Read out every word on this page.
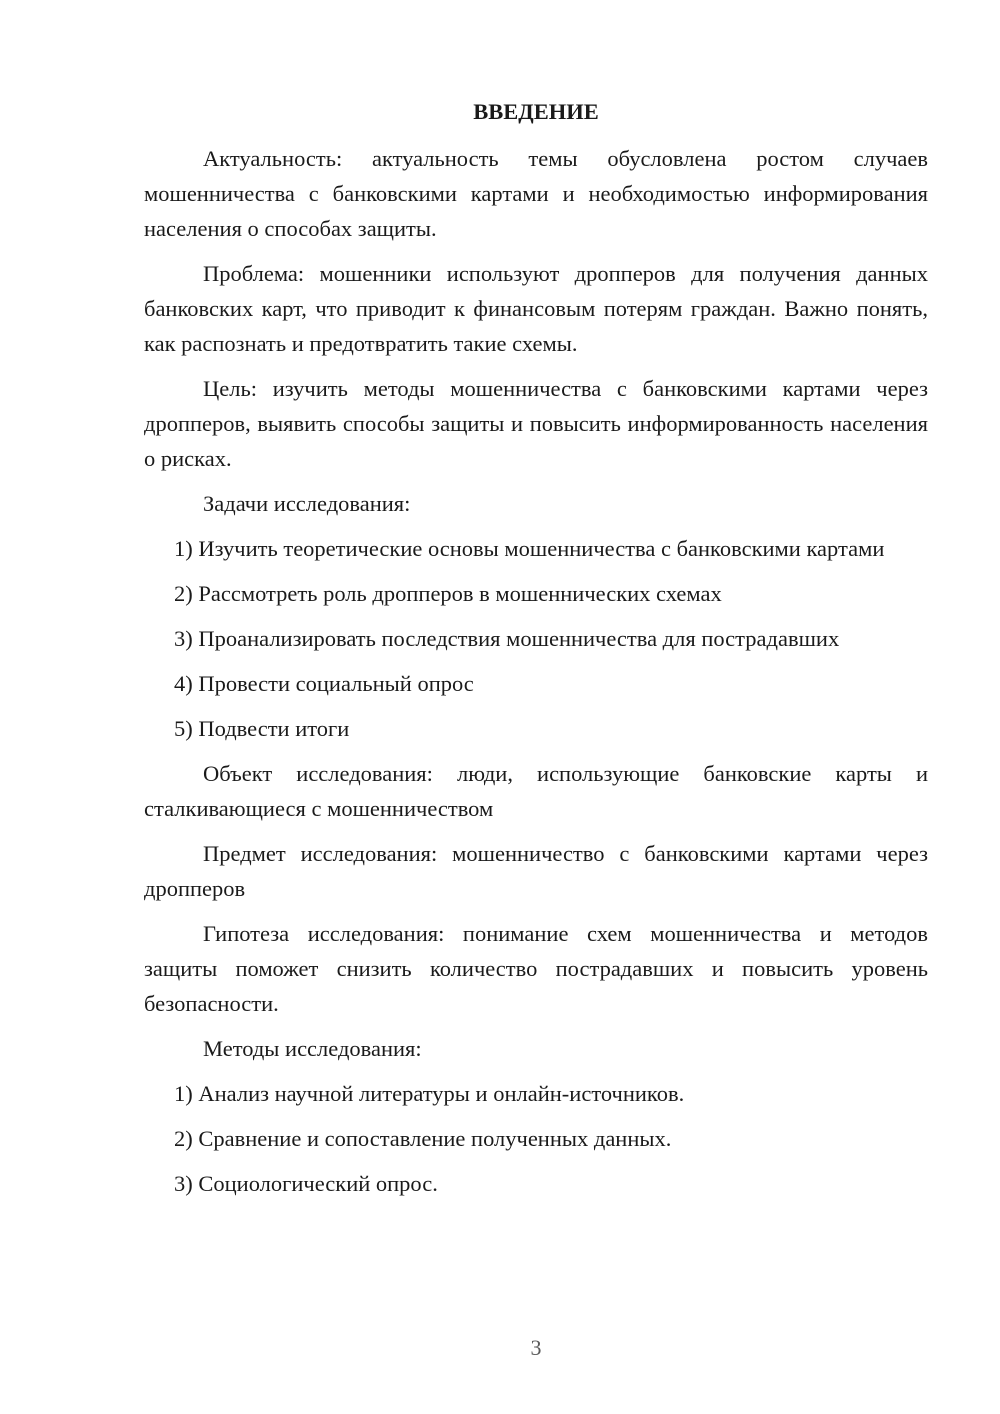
ВВЕДЕНИЕ

Актуальность: актуальность темы обусловлена ростом случаев мошенничества с банковскими картами и необходимостью информирования населения о способах защиты.

Проблема: мошенники используют дропперов для получения данных банковских карт, что приводит к финансовым потерям граждан. Важно понять, как распознать и предотвратить такие схемы.

Цель: изучить методы мошенничества с банковскими картами через дропперов, выявить способы защиты и повысить информированность населения о рисках.

Задачи исследования:

1) Изучить теоретические основы мошенничества с банковскими картами

2) Рассмотреть роль дропперов в мошеннических схемах

3) Проанализировать последствия мошенничества для пострадавших

4) Провести социальный опрос

5) Подвести итоги

Объект исследования: люди, использующие банковские карты и сталкивающиеся с мошенничеством

Предмет исследования: мошенничество с банковскими картами через дропперов

Гипотеза исследования: понимание схем мошенничества и методов защиты поможет снизить количество пострадавших и повысить уровень безопасности.

Методы исследования:

1) Анализ научной литературы и онлайн-источников.

2) Сравнение и сопоставление полученных данных.

3) Социологический опрос.

3
